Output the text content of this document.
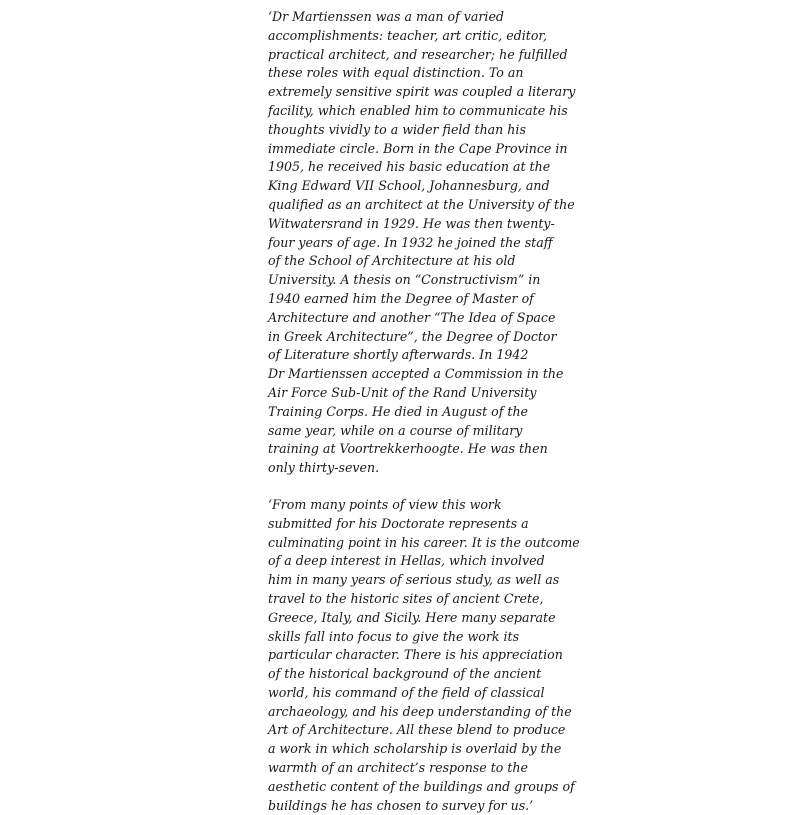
‘Dr Martienssen was a man of varied
accomplishments: teacher, art critic, editor,
practical architect, and researcher; he fulfilled
these roles with equal distinction. To an
extremely sensitive spirit was coupled a literary
facility, which enabled him to communicate his
thoughts vividly to a wider field than his
immediate circle. Born in the Cape Province in
1905, he received his basic education at the
King Edward VII School, Johannesburg, and
qualified as an architect at the University of the
Witwatersrand in 1929. He was then twenty-
four years of age. In 1932 he joined the staff
of the School of Architecture at his old
University. A thesis on “Constructivism” in
1940 earned him the Degree of Master of
Architecture and another “The Idea of Space
in Greek Architecture”, the Degree of Doctor
of Literature shortly afterwards. In 1942
Dr Martienssen accepted a Commission in the
Air Force Sub-Unit of the Rand University
Training Corps. He died in August of the
same year, while on a course of military
training at Voortrekkerhoogte. He was then
only thirty-seven.

‘From many points of view this work
submitted for his Doctorate represents a
culminating point in his career. It is the outcome
of a deep interest in Hellas, which involved
him in many years of serious study, as well as
travel to the historic sites of ancient Crete,
Greece, Italy, and Sicily. Here many separate
skills fall into focus to give the work its
particular character. There is his appreciation
of the historical background of the ancient
world, his command of the field of classical
archaeology, and his deep understanding of the
Art of Architecture. All these blend to produce
a work in which scholarship is overlaid by the
warmth of an architect’s response to the
aesthetic content of the buildings and groups of
buildings he has chosen to survey for us.’
